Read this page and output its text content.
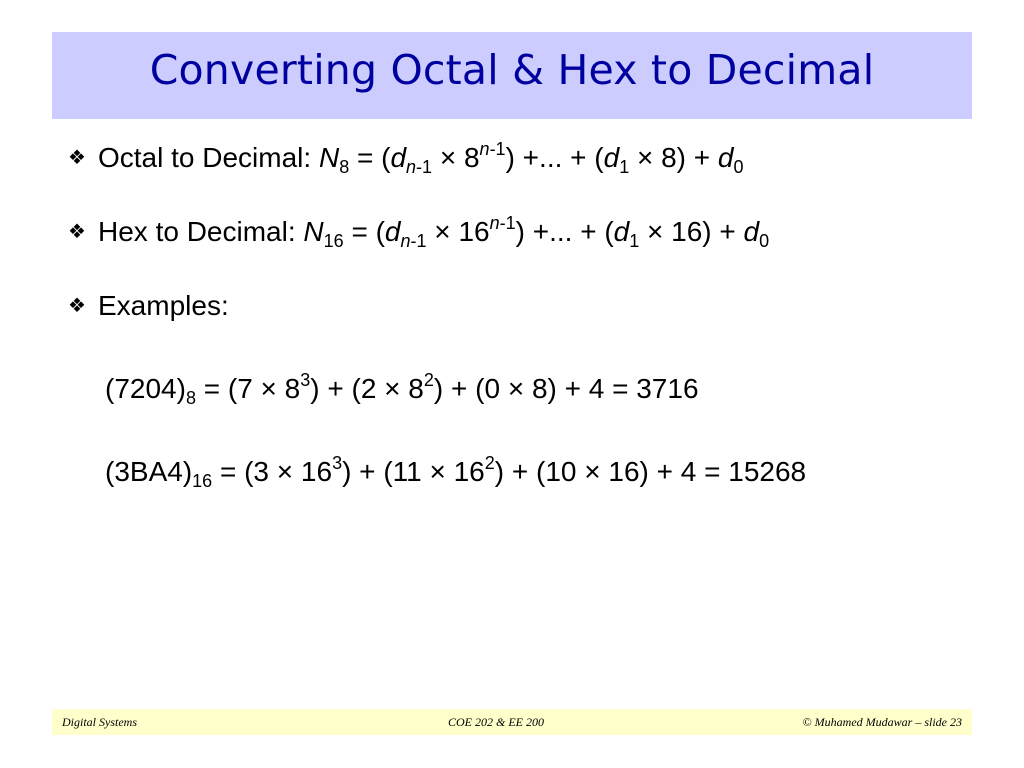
Converting Octal & Hex to Decimal
❖ Octal to Decimal: $N_8 = (d_{n-1} \times 8^{n-1})$ +... + $(d_1 \times 8) + d_0$
❖ Hex to Decimal: $N_{16} = (d_{n-1} \times 16^{n-1})$ +... + $(d_1 \times 16) + d_0$
❖ Examples:
$(7204)_8 = (7 \times 8^3) + (2 \times 8^2) + (0 \times 8) + 4 = 3716$
$(3BA4)_{16} = (3 \times 16^3) + (11 \times 16^2) + (10 \times 16) + 4 = 15268$
Digital Systems	COE 202 & EE 200	© Muhamed Mudawar – slide 23
